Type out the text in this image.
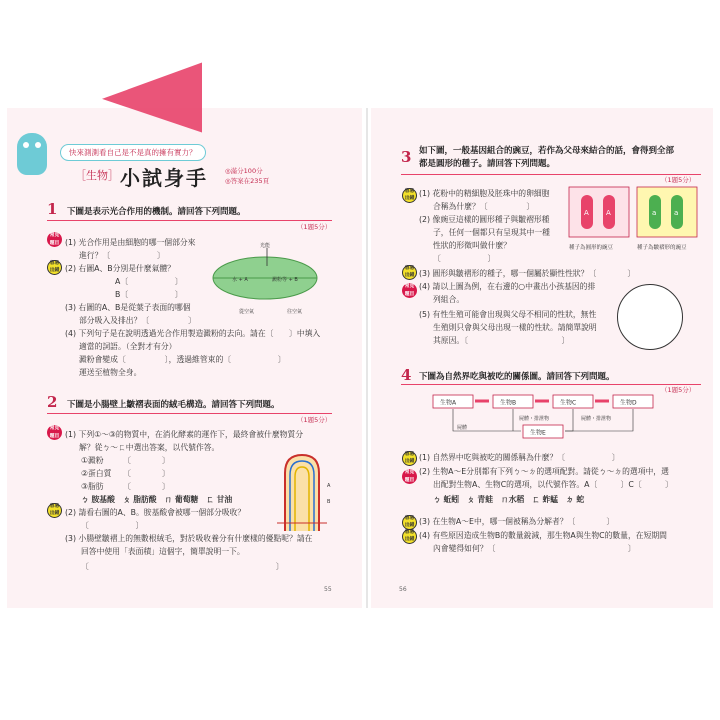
快來測測看自己是不是真的擁有實力？
［生物］ 小試身手	◎滿分100分
◎答案在235頁
1 下圖是表示光合作用的機制。請回答下列問題。
（1題5分）
常見
題目
容易
出錯
(1) 光合作用是由細胞的哪一個部分來
進行？〔　　　　　　〕
(2) 右圖A、B分別是什麼氣體？
A〔　　　　　　〕
B〔　　　　　　〕
(3) 右圖的A、B是從葉子表面的哪個
部分吸入及排出？〔　　　　　〕
(4) 下列句子是在說明透過光合作用製造澱粉的去向。請在〔　　〕中填入
適當的詞語。（全對才有分）
澱粉會變成〔　　　　　〕，透過維管束的〔　　　　　　〕
運送至植物全身。
光能
水 + A	澱粉等 + B
從空氣	往空氣
2 下圖是小腸壁上皺褶表面的絨毛構造。請回答下列問題。
（1題5分）
常見
題目
容易
出錯
(1) 下列①～③的物質中，在消化酵素的運作下，最終會被什麼物質分
解？從ㄅ～ㄈ中選出答案，以代號作答。
①澱粉　　　〔　　　　〕
②蛋白質　　〔　　　　〕
③脂肪　　　〔　　　　〕
ㄅ 胺基酸　ㄆ 脂肪酸　ㄇ 葡萄糖　ㄈ 甘油
(2) 請看右圖的A、B。胺基酸會被哪一個部分吸收？
〔　　　　　　〕
(3) 小腸壁皺褶上的無數根絨毛，對於吸收養分有什麼樣的優點呢？請在
回答中使用「表面積」這個字，簡單說明一下。
〔　　　　　　　　　　　　　　　　　　　　　　　　〕
A
B
55
3 如下圖，一般基因組合的豌豆，若作為父母來結合的話，會得到全部
都是圓形的種子。請回答下列問題。
（1題5分）
容易
出錯
容易
出錯
常見
題目
(1) 花粉中的精細胞及胚珠中的卵細胞
合稱為什麼？〔　　　　　〕
(2) 像豌豆這樣的圓形種子與皺褶形種
子，任何一個都只有呈現其中一種
性狀的形徵叫做什麼？
〔　　　　　　〕
(3) 圓形與皺褶形的種子，哪一個屬於顯性性狀？〔　　　　〕
(4) 請以上圖為例，在右邊的○中畫出小孩基因的排
列組合。
(5) 有性生殖可能會出現與父母不相同的性狀，無性
生殖則只會與父母出現一樣的性狀。請簡單說明
其原因。〔　　　　　　　　　　　　〕
A A	a	a
種子為圓形的豌豆	種子為皺褶形的豌豆
4 下圖為自然界吃與被吃的關係圖。請回答下列問題。
（1題5分）
生物A	生物B	生物C	生物D
生物E
屍體・排泄物	屍體・排泄物
屍體
容易
出錯
常見
題目
容易
出錯
容易
出錯
(1) 自然界中吃與被吃的關係稱為什麼？〔　　　　　　〕
(2) 生物A～E分別都有下列ㄅ～ㄉ的選項配對。請從ㄅ～ㄉ的選項中，選
出配對生物A、生物C的選項，以代號作答。A〔　　　〕C〔　　　〕
ㄅ 蚯蚓　ㄆ 青蛙　ㄇ水稻　ㄈ 蚱蜢　ㄉ 蛇
(3) 在生物A～E中，哪一個被稱為分解者？〔　　　　〕
(4) 有些原因造成生物B的數量銳減，那生物A與生物C的數量，在短期間
內會變得如何？〔　　　　　　　　　　　　　　　　　〕
56
